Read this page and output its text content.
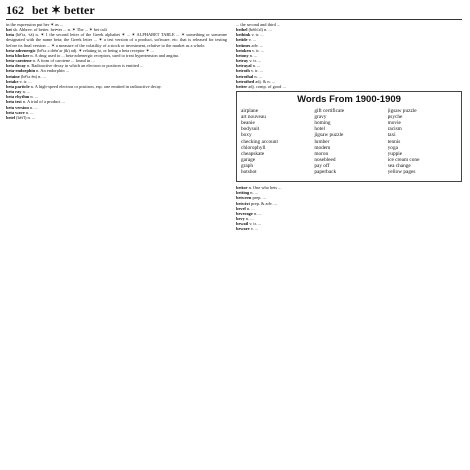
162 bet ✶ better

in the expression put her ✶ as ...

bet sb. Abbrev. of better. bet•ter ... n. ✶ The ... ✶ bet cult

beta (bē'tə, -tä) n. ✶ 1 the second letter of the Greek alphabet ✶ ... ✶ ALPHABET TABLE ... ✶ something or someone designated with the name beta; the Greek letter ... ✶ a test version of a product, software, etc. that is released for testing before its final version ... ✶ a measure of the volatility of a stock or investment, relative to the market as a whole.

beta-adrenergic (bē'tə ə drĕn'ər jĭk) adj. ✶ relating to, or being a beta receptor ✶ ...

beta blocker n. A drug used to ... beta-adrenergic receptors, used to treat hypertension and angina.

beta-carotene n. A form of carotene ... found in ...

beta decay n. Radioactive decay in which an electron or positron is emitted ...

beta-endorphin n. An endorphin ...

betaine (bē'tə ēn) n. ...

betake v. tr. ...

beta particle n. A high-speed electron or positron, esp. one emitted in radioactive decay.

beta ray n. ...

beta rhythm n. ...

beta test n. A trial of a product ...

beta version n. ...

beta wave n. ...

betel (bēt'l) n. ...

... the second and third ...

bethel (bĕth'əl) n. ...

bethink v. tr. ...

betide v. ...

betimes adv. ...

betoken v. tr. ...

betony n. ...

betray v. tr. ...

betrayal n. ...

betroth v. tr. ...

betrothal n. ...

betrothed adj. & n. ...

better adj. comp. of good ...

Words From 1900-1909
airplane
art nouveau
beanie
bodysuit
boxy
checking account
chlorophyll
cheapskate
garage
graph
hotshot
gift certificate
gravy
homing
hotel
jigsaw puzzle
lumber
modem
moron
nosebleed
pay off
paperback
jigsaw puzzle
psyche
movie
racism
taxi
tennis
yoga
yuppie
ice cream cone
sea change
yellow pages

bettor n. One who bets ...

betting n. ...

between prep. ...

betwixt prep. & adv. ...

bevel n. ...

beverage n. ...

bevy n. ...

bewail v. tr. ...

beware v. ...
